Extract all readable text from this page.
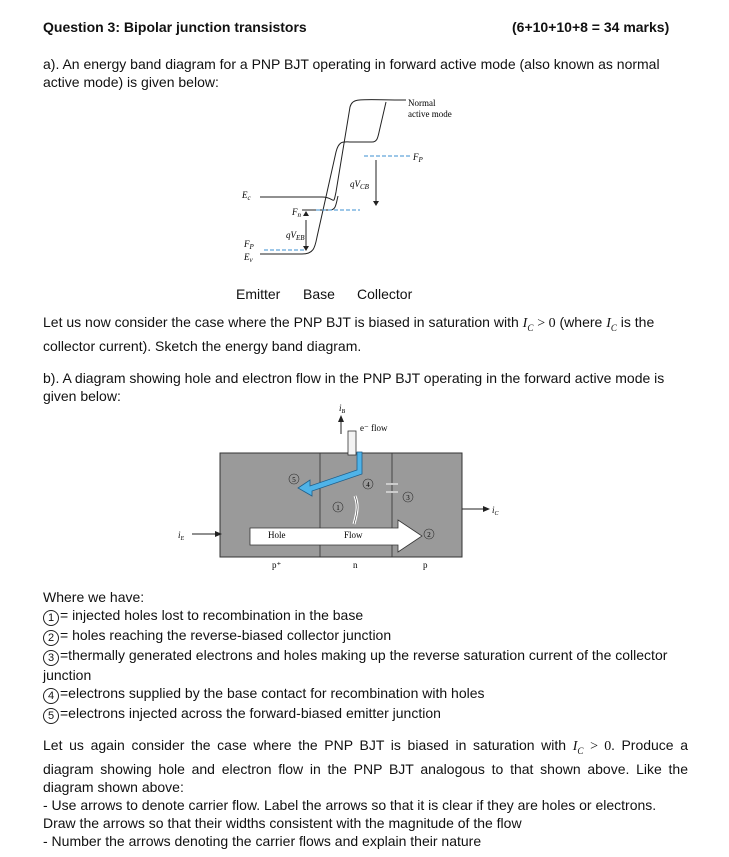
Question 3: Bipolar junction transistors	(6+10+10+8 = 34 marks)
a). An energy band diagram for a PNP BJT operating in forward active mode (also known as normal active mode) is given below:
Normal
active mode
$F_P$
$E_c$
$F_n$
$qV_{EB}$
$qV_{CB}$
$F_P$
$E_v$
Emitter Base Collector
Let us now consider the case where the PNP BJT is biased in saturation with $I_C > 0$ (where $I_C$ is the collector current). Sketch the energy band diagram.
b). A diagram showing hole and electron flow in the PNP BJT operating in the forward active mode is given below:
$i_B$
e⁻ flow
$i_E$
$i_C$
Hole	Flow
p⁺	n	p
5
4
3
1
2
Where we have:
1 = injected holes lost to recombination in the base
2 = holes reaching the reverse-biased collector junction
3 =thermally generated electrons and holes making up the reverse saturation current of the collector junction
4 =electrons supplied by the base contact for recombination with holes
5 =electrons injected across the forward-biased emitter junction
Let us again consider the case where the PNP BJT is biased in saturation with $I_C > 0$. Produce a diagram showing hole and electron flow in the PNP BJT analogous to that shown above. Like the diagram shown above:
- Use arrows to denote carrier flow. Label the arrows so that it is clear if they are holes or electrons. Draw the arrows so that their widths consistent with the magnitude of the flow
- Number the arrows denoting the carrier flows and explain their nature
